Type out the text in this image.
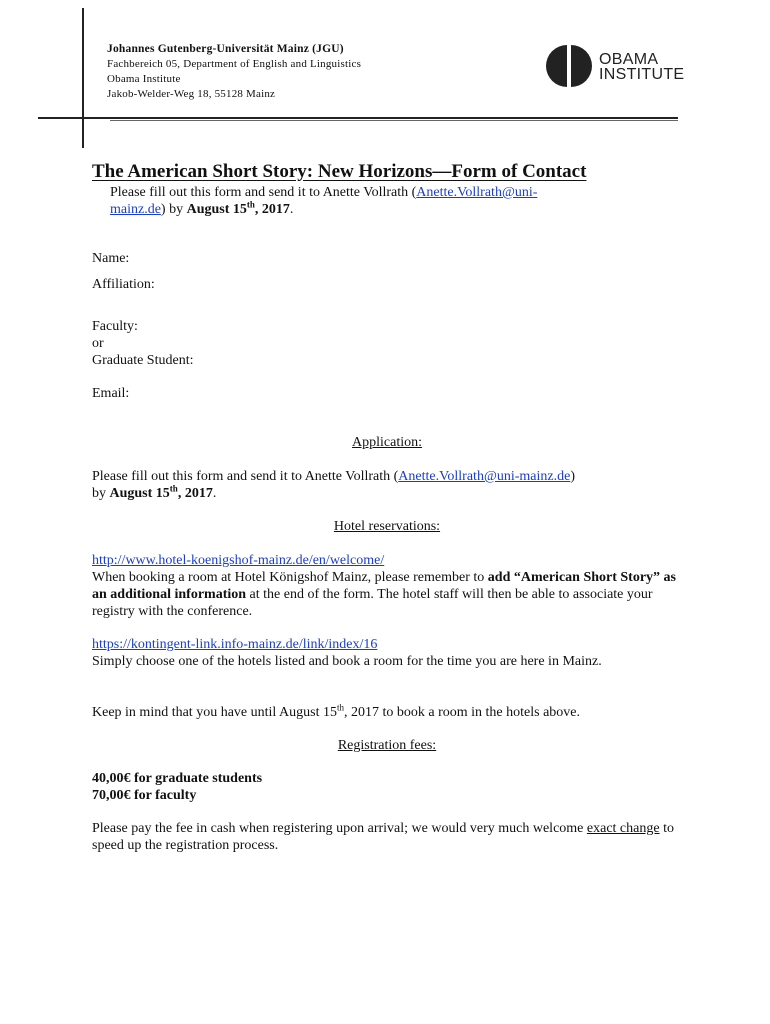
Johannes Gutenberg-Universität Mainz (JGU)
Fachbereich 05, Department of English and Linguistics
Obama Institute
Jakob-Welder-Weg 18, 55128 Mainz
OBAMA
INSTITUTE
The American Short Story: New Horizons—Form of Contact
Please fill out this form and send it to Anette Vollrath (Anette.Vollrath@uni-
mainz.de) by August 15th, 2017.
Name:
Affiliation:
Faculty:
or
Graduate Student:
Email:
Application:
Please fill out this form and send it to Anette Vollrath (Anette.Vollrath@uni-mainz.de)
by August 15th, 2017.
Hotel reservations:
http://www.hotel-koenigshof-mainz.de/en/welcome/
When booking a room at Hotel Königshof Mainz, please remember to add “American Short Story” as an additional information at the end of the form. The hotel staff will then be able to associate your registry with the conference.
https://kontingent-link.info-mainz.de/link/index/16
Simply choose one of the hotels listed and book a room for the time you are here in Mainz.
Keep in mind that you have until August 15th, 2017 to book a room in the hotels above.
Registration fees:
40,00€ for graduate students
70,00€ for faculty
Please pay the fee in cash when registering upon arrival; we would very much welcome exact change to speed up the registration process.
